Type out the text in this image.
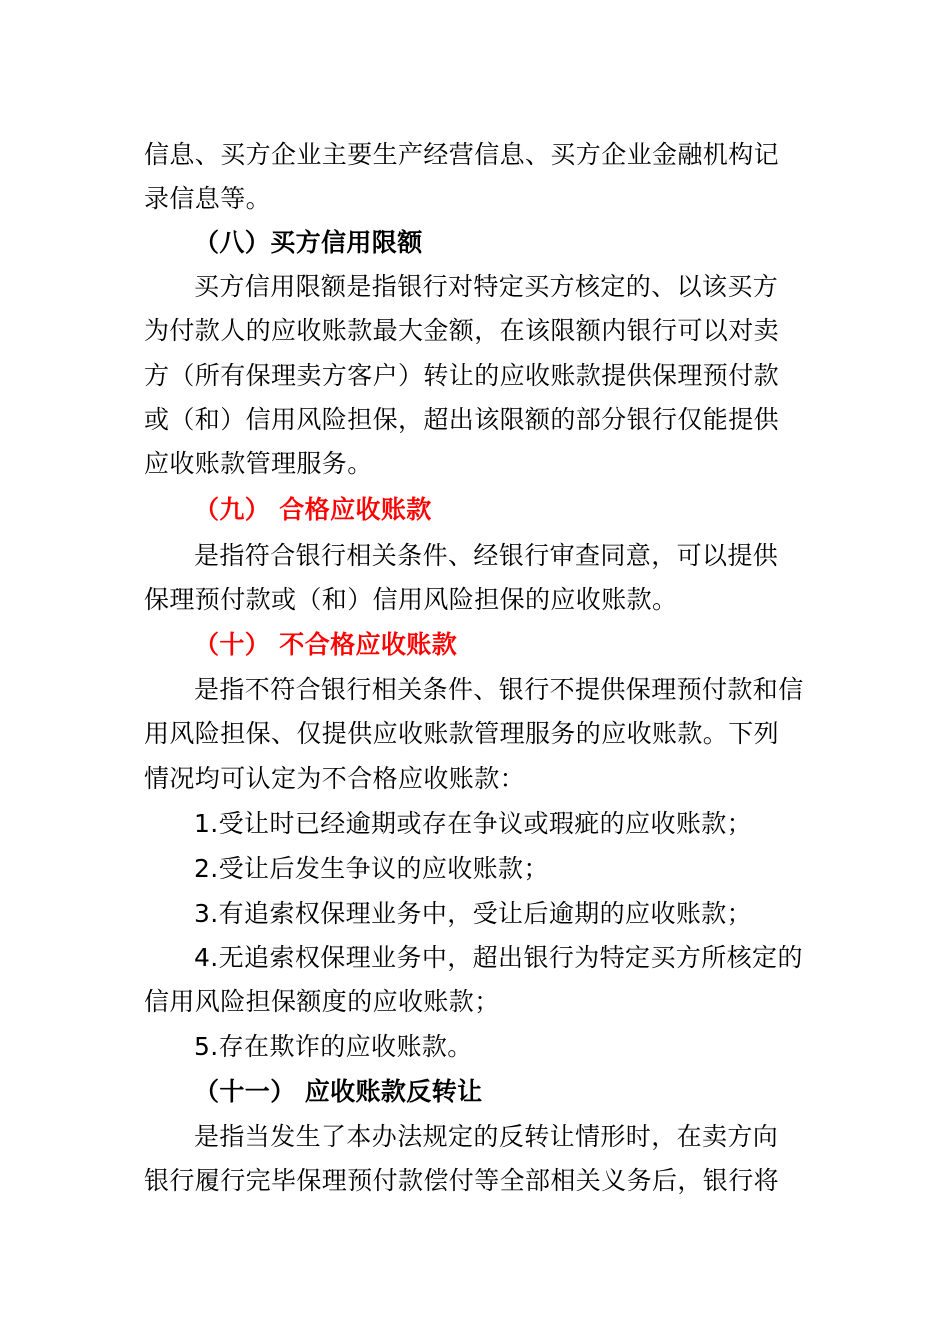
信息、买方企业主要生产经营信息、买方企业金融机构记
录信息等。
（八）买方信用限额
买方信用限额是指银行对特定买方核定的、以该买方
为付款人的应收账款最大金额，在该限额内银行可以对卖
方（所有保理卖方客户）转让的应收账款提供保理预付款
或（和）信用风险担保，超出该限额的部分银行仅能提供
应收账款管理服务。
（九） 合格应收账款
是指符合银行相关条件、经银行审查同意，可以提供
保理预付款或（和）信用风险担保的应收账款。
（十） 不合格应收账款
是指不符合银行相关条件、银行不提供保理预付款和信
用风险担保、仅提供应收账款管理服务的应收账款。下列
情况均可认定为不合格应收账款：
1.受让时已经逾期或存在争议或瑕疵的应收账款；
2.受让后发生争议的应收账款；
3.有追索权保理业务中，受让后逾期的应收账款；
4.无追索权保理业务中，超出银行为特定买方所核定的
信用风险担保额度的应收账款；
5.存在欺诈的应收账款。
（十一） 应收账款反转让
是指当发生了本办法规定的反转让情形时，在卖方向
银行履行完毕保理预付款偿付等全部相关义务后，银行将
